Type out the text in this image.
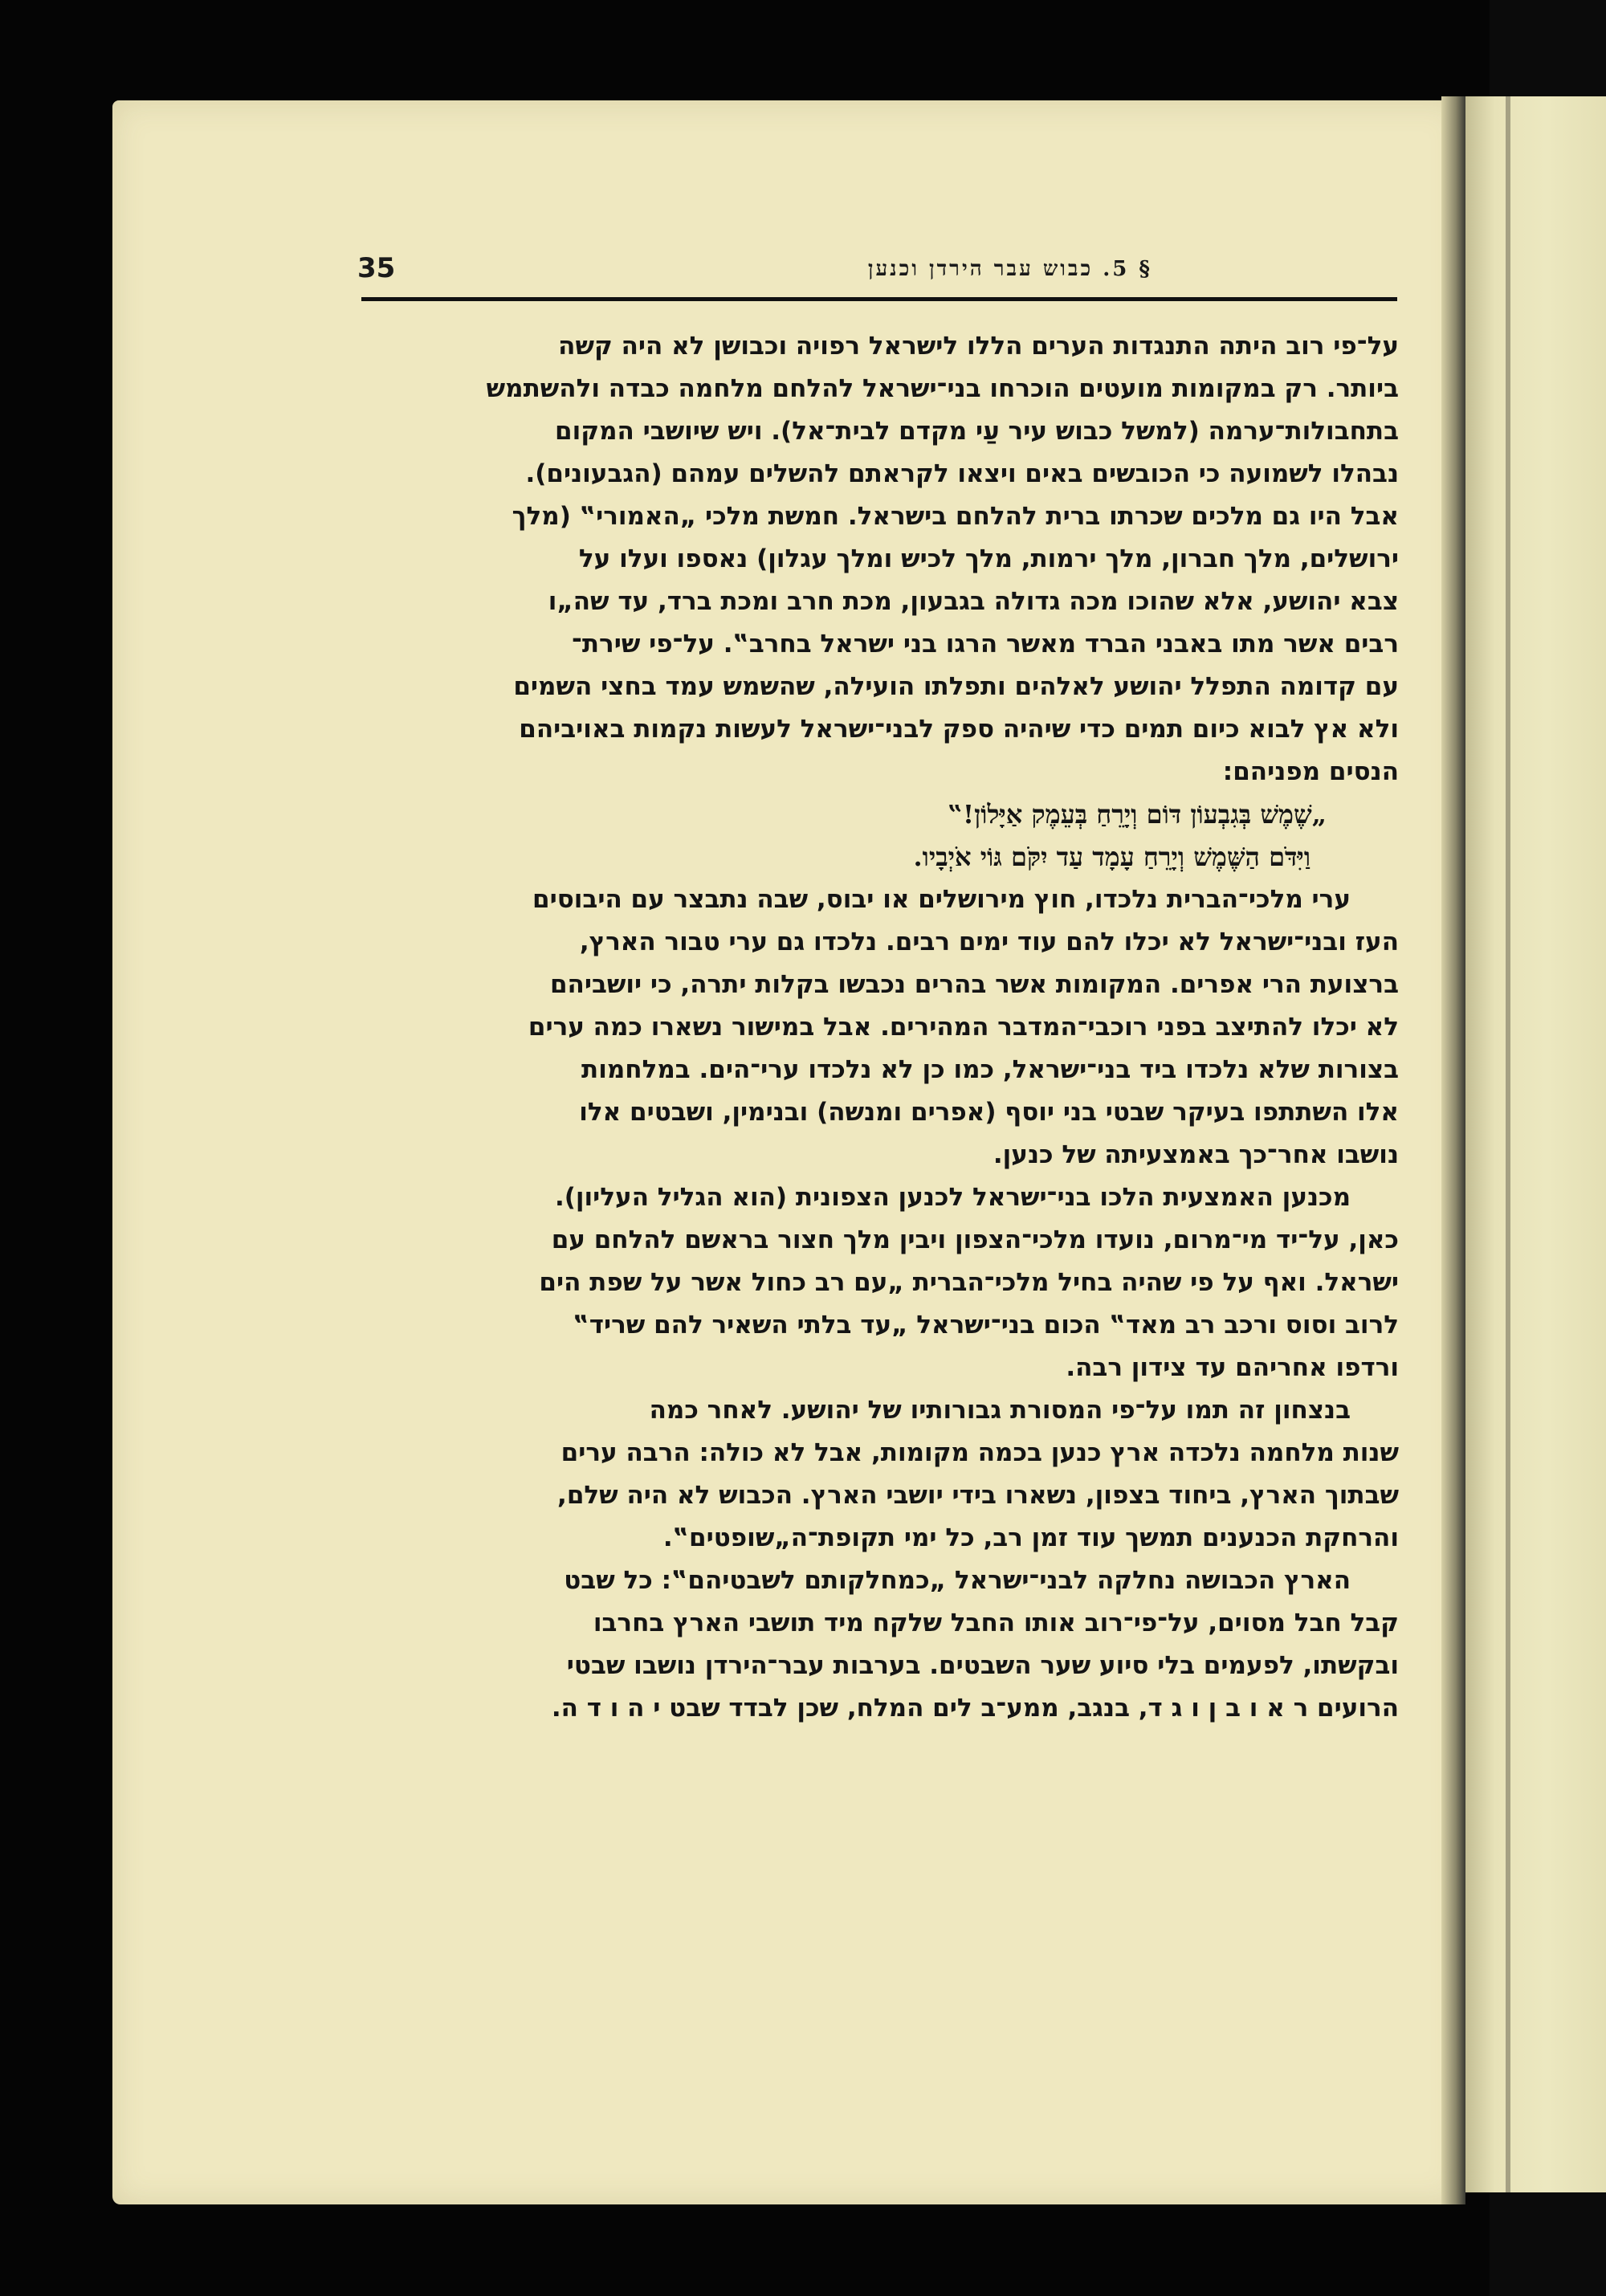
35	§ 5. כבוש עבר הירדן וכנען

על־פי רוב היתה התנגדות הערים הללו לישראל רפויה וכבושן לא היה קשה

ביותר. רק במקומות מועטים הוכרחו בני־ישראל להלחם מלחמה כבדה ולהשתמש

בתחבולות־ערמה (למשל כבוש עיר עַי מקדם לבית־אל). ויש שיושבי המקום

נבהלו לשמועה כי הכובשים באים ויצאו לקראתם להשלים עמהם (הגבעונים).

אבל היו גם מלכים שכרתו ברית להלחם בישראל. חמשת מלכי „האמורי‟ (מלך

ירושלים, מלך חברון, מלך ירמות, מלך לכיש ומלך עגלון) נאספו ועלו על

צבא יהושע, אלא שהוכו מכה גדולה בגבעון, מכת חרב ומכת ברד, עד שה„ו

רבים אשר מתו באבני הברד מאשר הרגו בני ישראל בחרב‟. על־פי שירת־

עם קדומה התפלל יהושע לאלהים ותפלתו הועילה, שהשמש עמד בחצי השמים

ולא אץ לבוא כיום תמים כדי שיהיה ספק לבני־ישראל לעשות נקמות באויביהם

הנסים מפניהם:

„שֶׁמֶשׁ בְּגִבְעוֹן דּוֹם וְיָרֵחַ בְּעֵמֶק אַיָּלוֹן!‟

וַיִּדֹּם הַשֶּׁמֶשׁ וְיָרֵחַ עָמָד עַד יִקֹּם גּוֹי אֹיְבָיו.

ערי מלכי־הברית נלכדו, חוץ מירושלים או יבוס, שבה נתבצר עם היבוסים

העז ובני־ישראל לא יכלו להם עוד ימים רבים. נלכדו גם ערי טבור הארץ,

ברצועת הרי אפרים. המקומות אשר בהרים נכבשו בקלות יתרה, כי יושביהם

לא יכלו להתיצב בפני רוכבי־המדבר המהירים. אבל במישור נשארו כמה ערים

בצורות שלא נלכדו ביד בני־ישראל, כמו כן לא נלכדו ערי־הים. במלחמות

אלו השתתפו בעיקר שבטי בני יוסף (אפרים ומנשה) ובנימין, ושבטים אלו

נושבו אחר־כך באמצעיתה של כנען.

מכנען האמצעית הלכו בני־ישראל לכנען הצפונית (הוא הגליל העליון).

כאן, על־יד מי־מרום, נועדו מלכי־הצפון ויבין מלך חצור בראשם להלחם עם

ישראל. ואף על פי שהיה בחיל מלכי־הברית „עם רב כחול אשר על שפת הים

לרוב וסוס ורכב רב מאד‟ הכום בני־ישראל „עד בלתי השאיר להם שריד‟

ורדפו אחריהם עד צידון רבה.

בנצחון זה תמו על־פי המסורת גבורותיו של יהושע. לאחר כמה

שנות מלחמה נלכדה ארץ כנען בכמה מקומות, אבל לא כולה: הרבה ערים

שבתוך הארץ, ביחוד בצפון, נשארו בידי יושבי הארץ. הכבוש לא היה שלם,

והרחקת הכנענים תמשך עוד זמן רב, כל ימי תקופת־ה„שופטים‟.

הארץ הכבושה נחלקה לבני־ישראל „כמחלקותם לשבטיהם‟: כל שבט

קבל חבל מסוים, על־פי־רוב אותו החבל שלקח מיד תושבי הארץ בחרבו

ובקשתו, לפעמים בלי סיוע שער השבטים. בערבות עבר־הירדן נושבו שבטי

הרועים ר א ו ב ן ו ג ד, בנגב, ממע־ב לים המלח, שכן לבדד שבט י ה ו ד ה.
